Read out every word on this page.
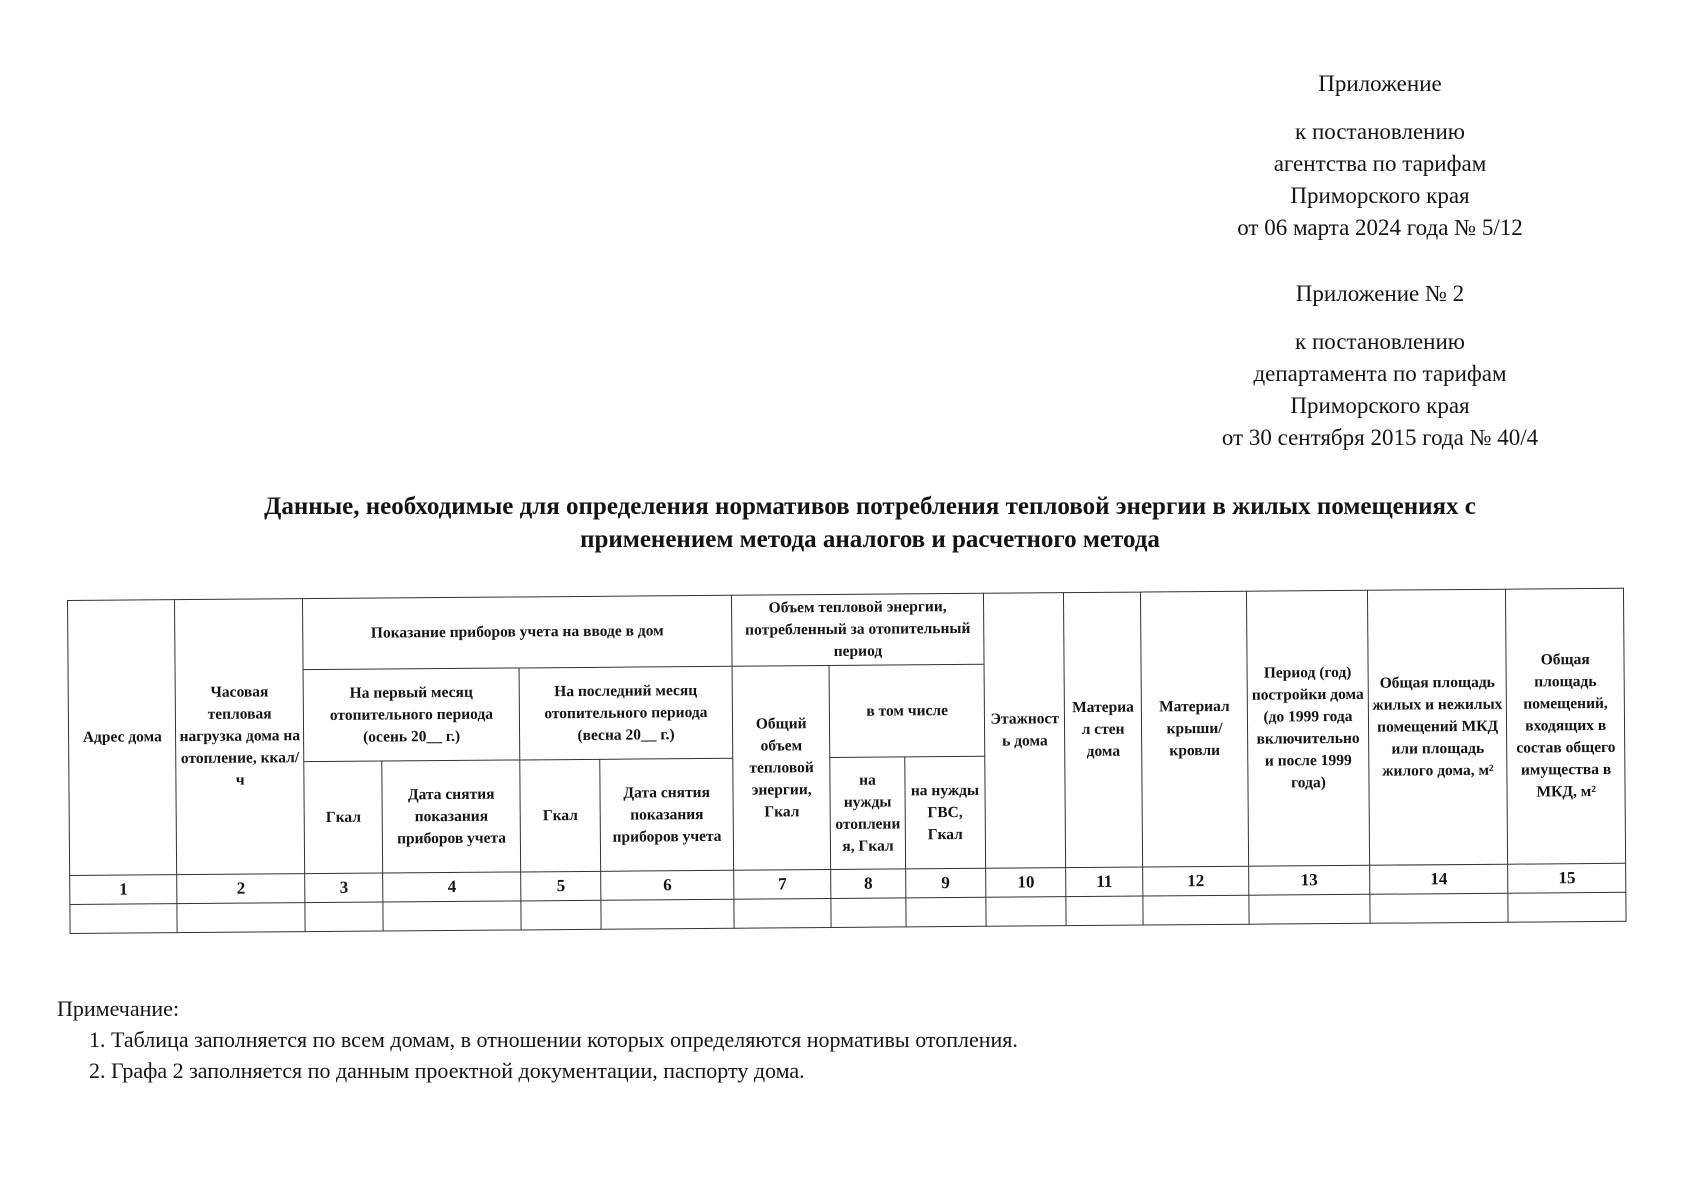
Приложение
к постановлению
агентства по тарифам
Приморского края
от 06 марта 2024 года № 5/12
Приложение № 2
к постановлению
департамента по тарифам
Приморского края
от 30 сентября 2015 года № 40/4
Данные, необходимые для определения нормативов потребления тепловой энергии в жилых помещениях с
применением метода аналогов и расчетного метода
Адрес дома	Часовая тепловая нагрузка дома на отопление, ккал/ч	Показание приборов учета на вводе в дом				Объем тепловой энергии, потребленный за отопительный период			Этажность дома	Материал стен дома	Материал крыши/кровли	Период (год) постройки дома (до 1999 года включительно и после 1999 года)	Общая площадь жилых и нежилых помещений МКД или площадь жилого дома, м²	Общая площадь помещений, входящих в состав общего имущества в МКД, м²
		На первый месяц отопительного периода (осень 20__ г.)		На последний месяц отопительного периода (весна 20__ г.)		Общий объем тепловой энергии, Гкал	в том числе							
		Гкал	Дата снятия показания приборов учета	Гкал	Дата снятия показания приборов учета		на нужды отопления, Гкал	на нужды ГВС, Гкал						
1	2	3	4	5	6	7	8	9	10	11	12	13	14	15

Примечание:
1. Таблица заполняется по всем домам, в отношении которых определяются нормативы отопления.
2. Графа 2 заполняется по данным проектной документации, паспорту дома.
